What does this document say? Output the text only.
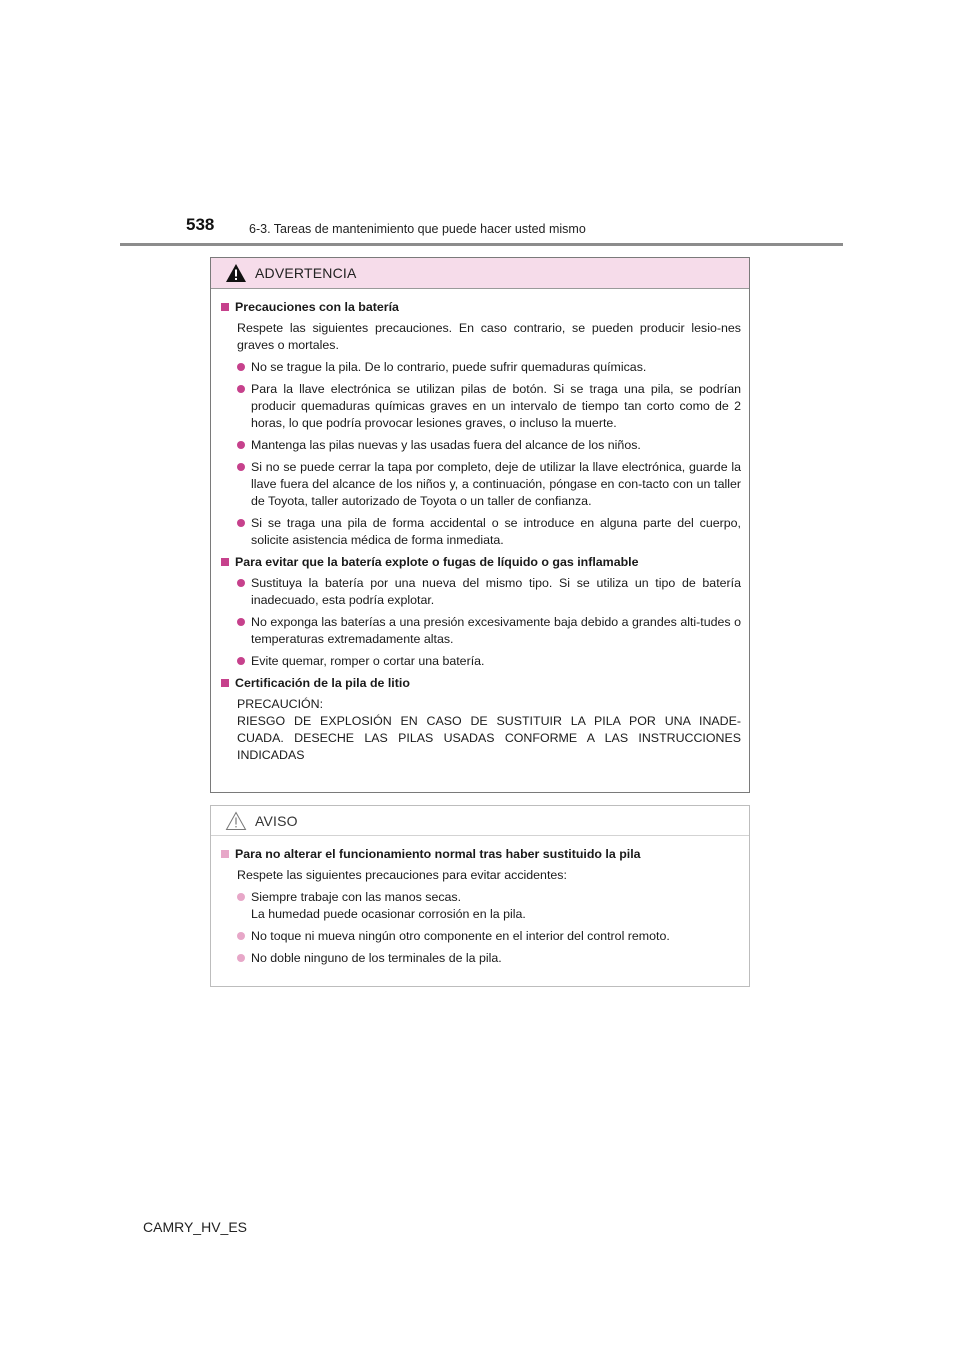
538	6-3. Tareas de mantenimiento que puede hacer usted mismo
ADVERTENCIA
Precauciones con la batería
Respete las siguientes precauciones. En caso contrario, se pueden producir lesio-nes graves o mortales.
No se trague la pila. De lo contrario, puede sufrir quemaduras químicas.
Para la llave electrónica se utilizan pilas de botón. Si se traga una pila, se podrían producir quemaduras químicas graves en un intervalo de tiempo tan corto como de 2 horas, lo que podría provocar lesiones graves, o incluso la muerte.
Mantenga las pilas nuevas y las usadas fuera del alcance de los niños.
Si no se puede cerrar la tapa por completo, deje de utilizar la llave electrónica, guarde la llave fuera del alcance de los niños y, a continuación, póngase en con-tacto con un taller de Toyota, taller autorizado de Toyota o un taller de confianza.
Si se traga una pila de forma accidental o se introduce en alguna parte del cuerpo, solicite asistencia médica de forma inmediata.
Para evitar que la batería explote o fugas de líquido o gas inflamable
Sustituya la batería por una nueva del mismo tipo. Si se utiliza un tipo de batería inadecuado, esta podría explotar.
No exponga las baterías a una presión excesivamente baja debido a grandes alti-tudes o temperaturas extremadamente altas.
Evite quemar, romper o cortar una batería.
Certificación de la pila de litio
PRECAUCIÓN:
RIESGO DE EXPLOSIÓN EN CASO DE SUSTITUIR LA PILA POR UNA INADE-
CUADA. DESECHE LAS PILAS USADAS CONFORME A LAS INSTRUCCIONES
INDICADAS
AVISO
Para no alterar el funcionamiento normal tras haber sustituido la pila
Respete las siguientes precauciones para evitar accidentes:
Siempre trabaje con las manos secas.
La humedad puede ocasionar corrosión en la pila.
No toque ni mueva ningún otro componente en el interior del control remoto.
No doble ninguno de los terminales de la pila.
CAMRY_HV_ES
